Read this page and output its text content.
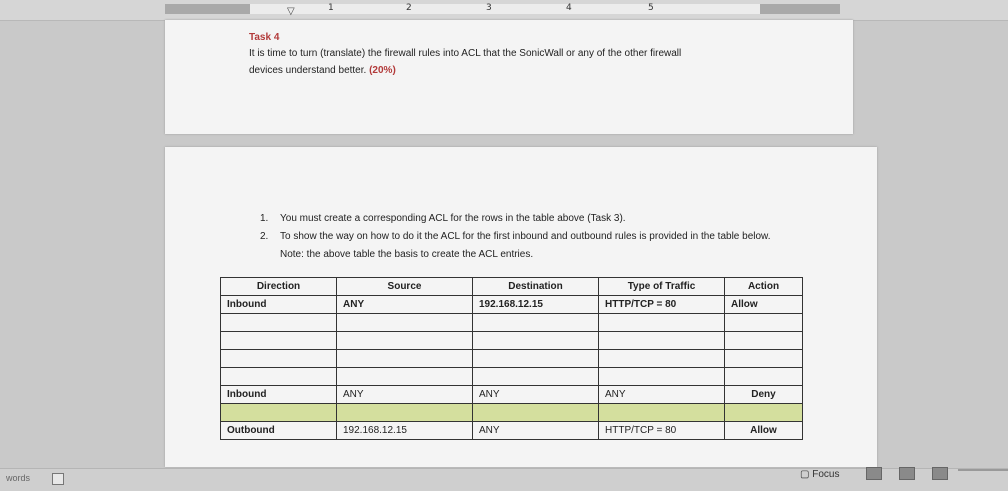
▽	1	2	3	4	5
Task 4
It is time to turn (translate) the firewall rules into ACL that the SonicWall or any of the other firewall
devices understand better. (20%)
1. You must create a corresponding ACL for the rows in the table above (Task 3).
2. To show the way on how to do it the ACL for the first inbound and outbound rules is provided in the table below. Note: the above table the basis to create the ACL entries.
Direction	Source	Destination	Type of Traffic	Action
Inbound	ANY	192.168.12.15	HTTP/TCP = 80	Allow

Inbound	ANY	ANY	ANY	Deny

Outbound	192.168.12.15	ANY	HTTP/TCP = 80	Allow
words	▢ Focus
